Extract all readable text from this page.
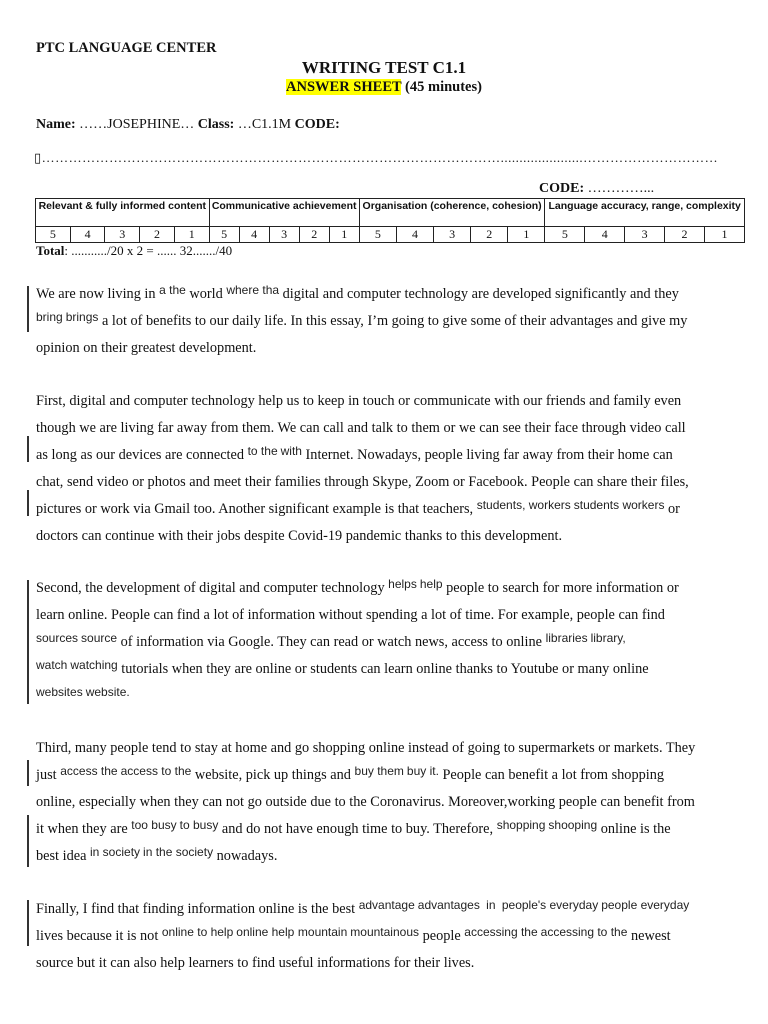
PTC LANGUAGE CENTER
WRITING TEST C1.1
ANSWER SHEET (45 minutes)
Name: ……JOSEPHINE… Class: …C1.1M CODE:
▯…………………………………………………………………………………………......................…………………………
CODE: …………...
Relevant & fully informed content					Communicative achievement					Organisation (coherence, cohesion)					Language accuracy, range, complexity				
5	4	3	2	1	5	4	3	2	1	5	4	3	2	1	5	4	3	2	1
Total: .........../20 x 2 = ...... 32......./40

We are now living in $^{a the}$ world $^{where tha}$ digital and computer technology are developed significantly and they

$^{bring}$ $^{brings}$ a lot of benefits to our daily life. In this essay, I’m going to give some of their advantages and give my

opinion on their greatest development.

First, digital and computer technology help us to keep in touch or communicate with our friends and family even

though we are living far away from them. We can call and talk to them or we can see their face through video call

as long as our devices are connected $^{to the}$ $^{with}$ Internet. Nowadays, people living far away from their home can

chat, send video or photos and meet their families through Skype, Zoom or Facebook. People can share their files,

pictures or work via Gmail too. Another significant example is that teachers, $^{students, workers}$ $^{students workers}$ or

doctors can continue with their jobs despite Covid-19 pandemic thanks to this development.

Second, the development of digital and computer technology $^{helps}$ $^{help}$ people to search for more information or

learn online. People can find a lot of information without spending a lot of time. For example, people can find

$^{sources}$ $^{source}$ of information via Google. They can read or watch news, access to online $^{libraries}$ $^{library,}$

$^{watch}$ $^{watching}$ tutorials when they are online or students can learn online thanks to Youtube or many online

$^{websites}$ $^{website.}$

Third, many people tend to stay at home and go shopping online instead of going to supermarkets or markets. They

just $^{access the}$ $^{access to the}$ website, pick up things and $^{buy them}$ $^{buy it.}$ People can benefit a lot from shopping

online, especially when they can not go outside due to the Coronavirus. Moreover,working people can benefit from

it when they are $^{too busy}$ $^{to busy}$ and do not have enough time to buy. Therefore, $^{shopping}$ $^{shooping}$ online is the

best idea $^{in society}$ $^{in the society}$ nowadays.

Finally, I find that finding information online is the best $^{advantage}$ $^{advantages}$ $^{in}$ $^{people's everyday}$ $^{people everyday}$

lives because it is not $^{online to help}$ $^{online help}$ $^{mountain}$ $^{mountainous}$ people $^{accessing the}$ $^{accessing to the}$ newest

source but it can also help learners to find useful informations for their lives.
